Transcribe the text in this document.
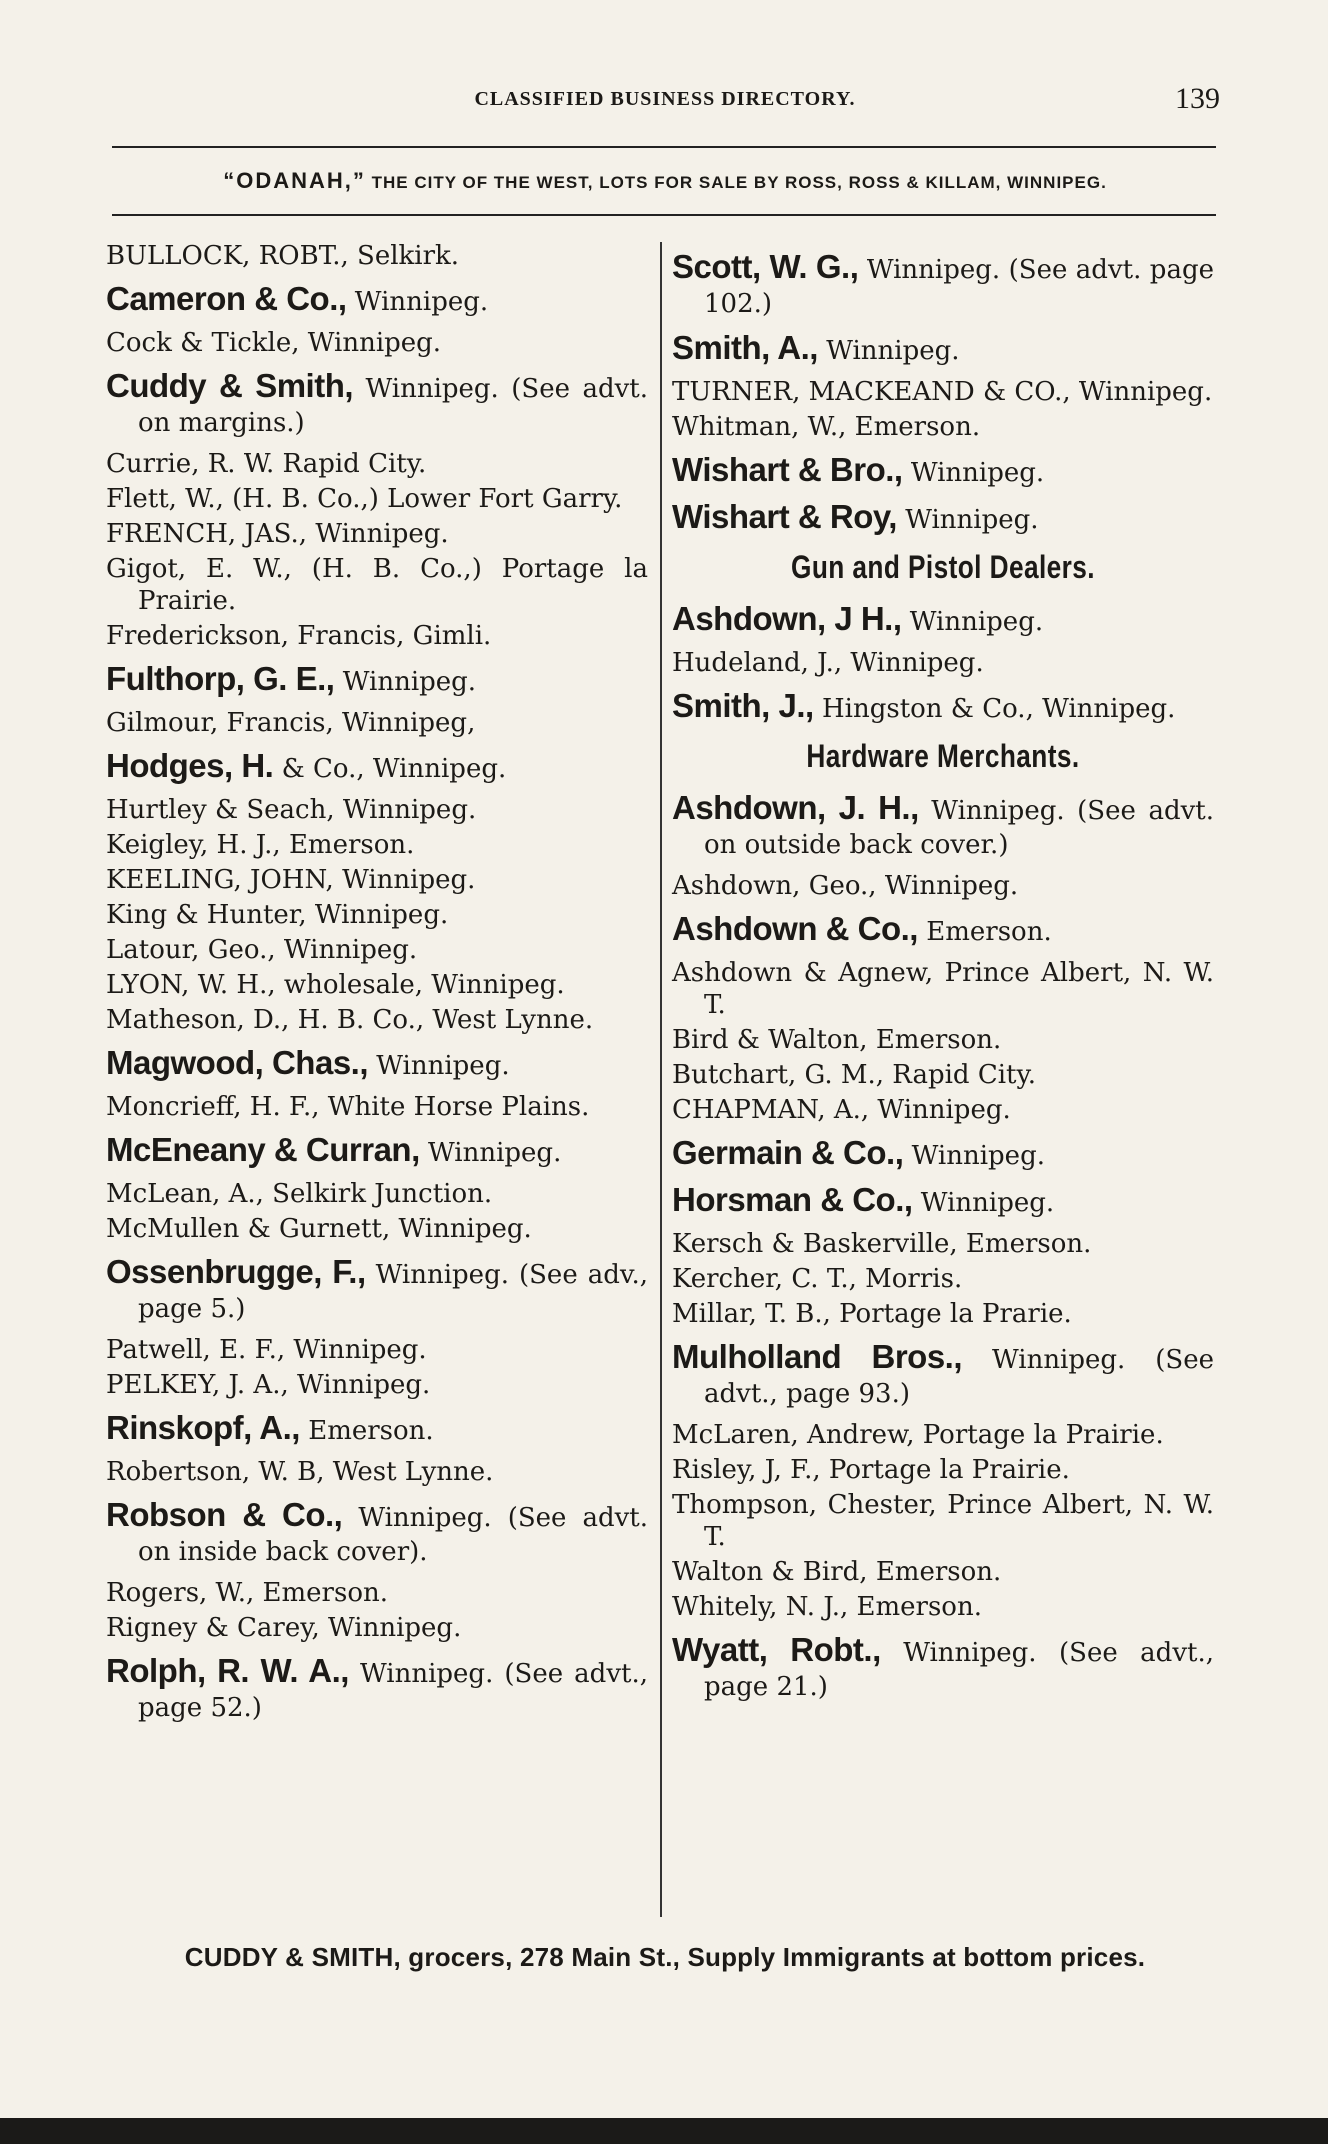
CLASSIFIED BUSINESS DIRECTORY.	139
“ODANAH,” THE CITY OF THE WEST, LOTS FOR SALE BY ROSS, ROSS & KILLAM, WINNIPEG.
BULLOCK, ROBT., Selkirk.
Cameron & Co., Winnipeg.
Cock & Tickle, Winnipeg.
Cuddy & Smith, Winnipeg. (See advt. on margins.)
Currie, R. W. Rapid City.
Flett, W., (H. B. Co.,) Lower Fort Garry.
FRENCH, JAS., Winnipeg.
Gigot, E. W., (H. B. Co.,) Portage la Prairie.
Frederickson, Francis, Gimli.
Fulthorp, G. E., Winnipeg.
Gilmour, Francis, Winnipeg,
Hodges, H. & Co., Winnipeg.
Hurtley & Seach, Winnipeg.
Keigley, H. J., Emerson.
KEELING, JOHN, Winnipeg.
King & Hunter, Winnipeg.
Latour, Geo., Winnipeg.
LYON, W. H., wholesale, Winnipeg.
Matheson, D., H. B. Co., West Lynne.
Magwood, Chas., Winnipeg.
Moncrieff, H. F., White Horse Plains.
McEneany & Curran, Winnipeg.
McLean, A., Selkirk Junction.
McMullen & Gurnett, Winnipeg.
Ossenbrugge, F., Winnipeg. (See adv., page 5.)
Patwell, E. F., Winnipeg.
PELKEY, J. A., Winnipeg.
Rinskopf, A., Emerson.
Robertson, W. B, West Lynne.
Robson & Co., Winnipeg. (See advt. on inside back cover).
Rogers, W., Emerson.
Rigney & Carey, Winnipeg.
Rolph, R. W. A., Winnipeg. (See advt., page 52.)
Scott, W. G., Winnipeg. (See advt. page 102.)
Smith, A., Winnipeg.
TURNER, MACKEAND & CO., Winnipeg.
Whitman, W., Emerson.
Wishart & Bro., Winnipeg.
Wishart & Roy, Winnipeg.
Gun and Pistol Dealers.
Ashdown, J H., Winnipeg.
Hudeland, J., Winnipeg.
Smith, J., Hingston & Co., Winnipeg.
Hardware Merchants.
Ashdown, J. H., Winnipeg. (See advt. on outside back cover.)
Ashdown, Geo., Winnipeg.
Ashdown & Co., Emerson.
Ashdown & Agnew, Prince Albert, N. W. T.
Bird & Walton, Emerson.
Butchart, G. M., Rapid City.
CHAPMAN, A., Winnipeg.
Germain & Co., Winnipeg.
Horsman & Co., Winnipeg.
Kersch & Baskerville, Emerson.
Kercher, C. T., Morris.
Millar, T. B., Portage la Prarie.
Mulholland Bros., Winnipeg. (See advt., page 93.)
McLaren, Andrew, Portage la Prairie.
Risley, J, F., Portage la Prairie.
Thompson, Chester, Prince Albert, N. W. T.
Walton & Bird, Emerson.
Whitely, N. J., Emerson.
Wyatt, Robt., Winnipeg. (See advt., page 21.)
CUDDY & SMITH, grocers, 278 Main St., Supply Immigrants at bottom prices.
